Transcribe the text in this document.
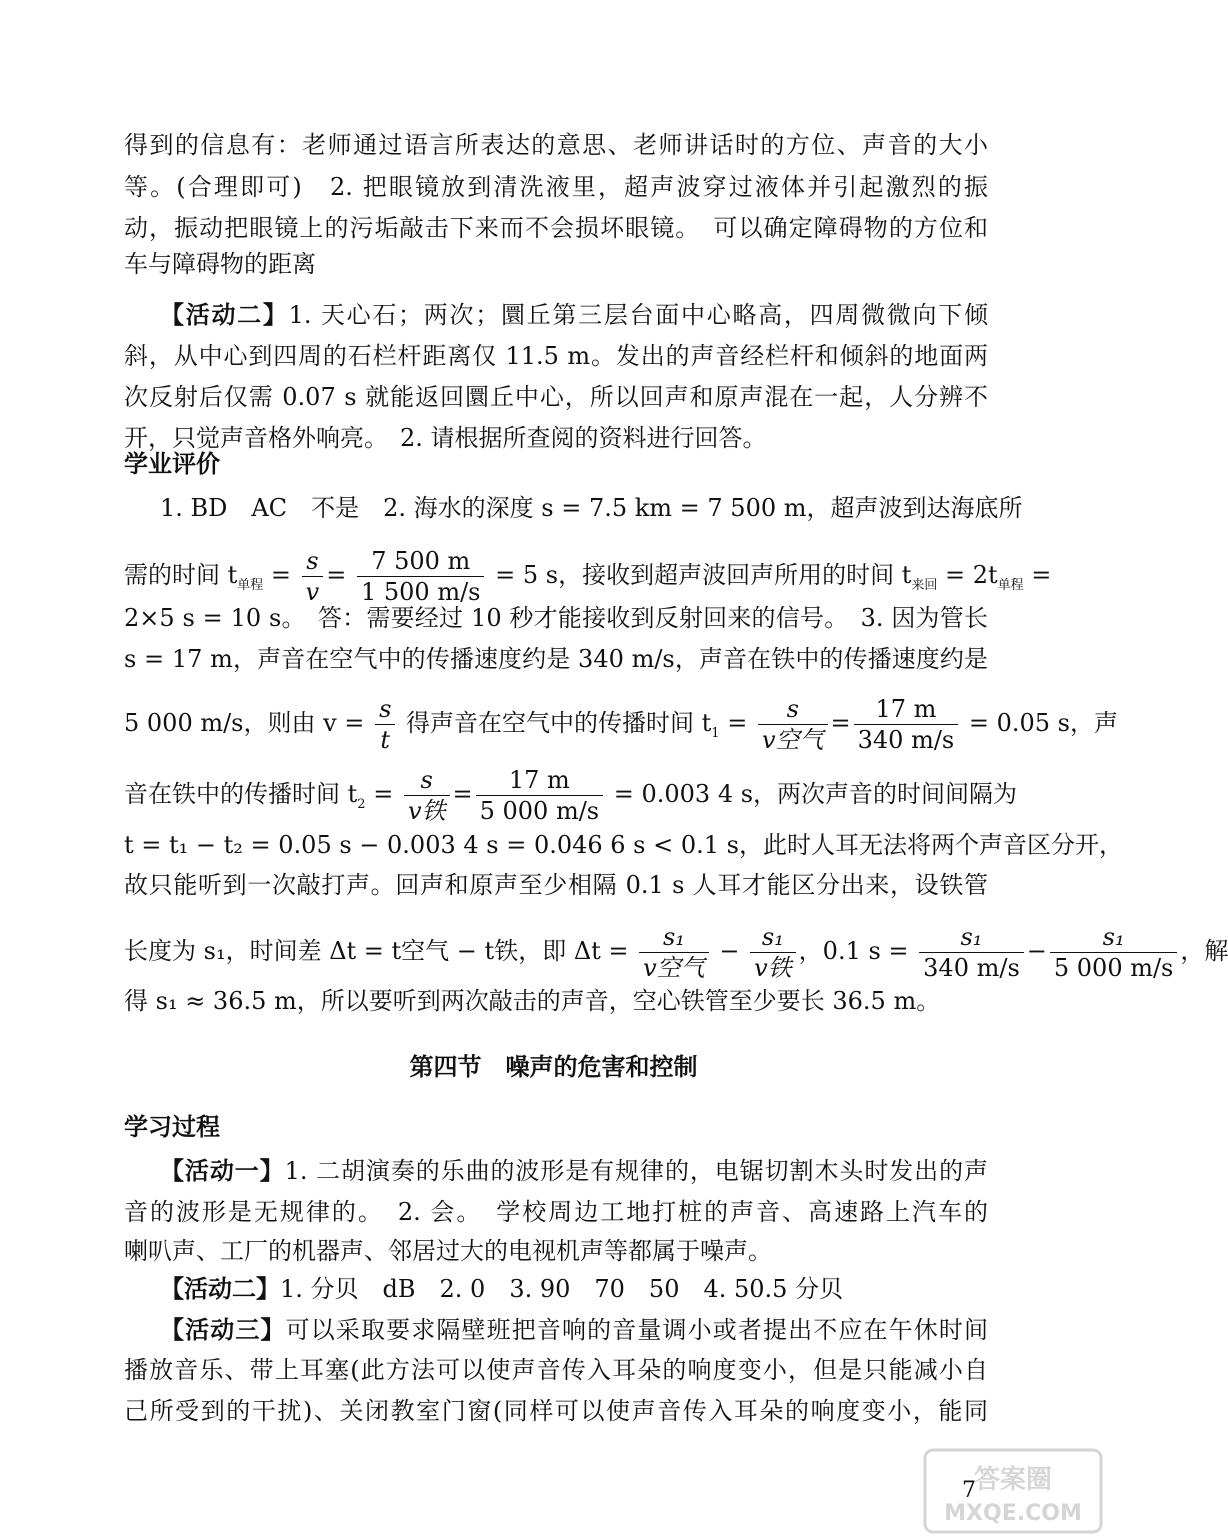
得到的信息有：老师通过语言所表达的意思、老师讲话时的方位、声音的大小
等。(合理即可)　2. 把眼镜放到清洗液里，超声波穿过液体并引起激烈的振
动，振动把眼镜上的污垢敲击下来而不会损坏眼镜。　可以确定障碍物的方位和
车与障碍物的距离
【活动二】1. 天心石；两次；圜丘第三层台面中心略高，四周微微向下倾
斜，从中心到四周的石栏杆距离仅 11.5 m。发出的声音经栏杆和倾斜的地面两
次反射后仅需 0.07 s 就能返回圜丘中心，所以回声和原声混在一起，人分辨不
开，只觉声音格外响亮。　2. 请根据所查阅的资料进行回答。
学业评价
1. BD　AC　不是　2. 海水的深度 s = 7.5 km = 7 500 m，超声波到达海底所
需的时间 $t_{单程} = \frac{s}{v} = \frac{7 500 m}{1 500 m/s} = 5$ s，接收到超声波回声所用的时间 $t_{来回} = 2t_{单程}$ =
2×5 s = 10 s。　答：需要经过 10 秒才能接收到反射回来的信号。　3. 因为管长
s = 17 m，声音在空气中的传播速度约是 340 m/s，声音在铁中的传播速度约是
5 000 m/s，则由 $v = \frac{s}{t}$ 得声音在空气中的传播时间 $t_1 = \frac{s}{\text{v空气}} = \frac{17 m}{340 m/s} = 0.05$ s，声
音在铁中的传播时间 $t_2 = \frac{s}{\text{v铁}} = \frac{17 m}{5 000 m/s} = 0.003$ 4 s，两次声音的时间间隔为
t = t₁ − t₂ = 0.05 s − 0.003 4 s = 0.046 6 s < 0.1 s，此时人耳无法将两个声音区分开，
故只能听到一次敲打声。回声和原声至少相隔 0.1 s 人耳才能区分出来，设铁管
长度为 s₁，时间差 Δt = t空气 − t铁，即 $\Delta t = \frac{\text{s₁}}{\text{v空气}} - \frac{\text{s₁}}{\text{v铁}}$ ，0.1 $s = \frac{\text{s₁}}{340 m/s} - \frac{\text{s₁}}{5 000 m/s}$ ，解
得 s₁ ≈ 36.5 m，所以要听到两次敲击的声音，空心铁管至少要长 36.5 m。
第四节　噪声的危害和控制
学习过程
【活动一】1. 二胡演奏的乐曲的波形是有规律的，电锯切割木头时发出的声
音的波形是无规律的。　2. 会。　学校周边工地打桩的声音、高速路上汽车的
喇叭声、工厂的机器声、邻居过大的电视机声等都属于噪声。
【活动二】1. 分贝　dB　2. 0　3. 90　70　50　4. 50.5 分贝
【活动三】可以采取要求隔壁班把音响的音量调小或者提出不应在午休时间
播放音乐、带上耳塞(此方法可以使声音传入耳朵的响度变小，但是只能减小自
己所受到的干扰)、关闭教室门窗(同样可以使声音传入耳朵的响度变小，能同
7
答案圈
MXQE.COM
